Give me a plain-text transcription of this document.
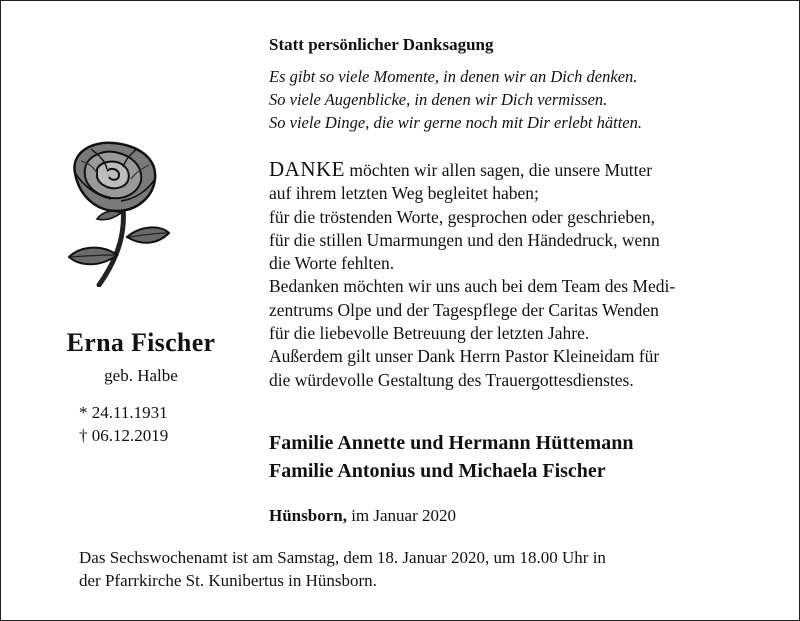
Statt persönlicher Danksagung
Es gibt so viele Momente, in denen wir an Dich denken.
So viele Augenblicke, in denen wir Dich vermissen.
So viele Dinge, die wir gerne noch mit Dir erlebt hätten.
Erna Fischer
geb. Halbe
* 24.11.1931
† 06.12.2019
DANKE möchten wir allen sagen, die unsere Mutter
auf ihrem letzten Weg begleitet haben;
für die tröstenden Worte, gesprochen oder geschrieben,
für die stillen Umarmungen und den Händedruck, wenn
die Worte fehlten.
Bedanken möchten wir uns auch bei dem Team des Medi-
zentrums Olpe und der Tagespflege der Caritas Wenden
für die liebevolle Betreuung der letzten Jahre.
Außerdem gilt unser Dank Herrn Pastor Kleineidam für
die würdevolle Gestaltung des Trauergottesdienstes.
Familie Annette und Hermann Hüttemann
Familie Antonius und Michaela Fischer
Hünsborn, im Januar 2020
Das Sechswochenamt ist am Samstag, dem 18. Januar 2020, um 18.00 Uhr in
der Pfarrkirche St. Kunibertus in Hünsborn.
